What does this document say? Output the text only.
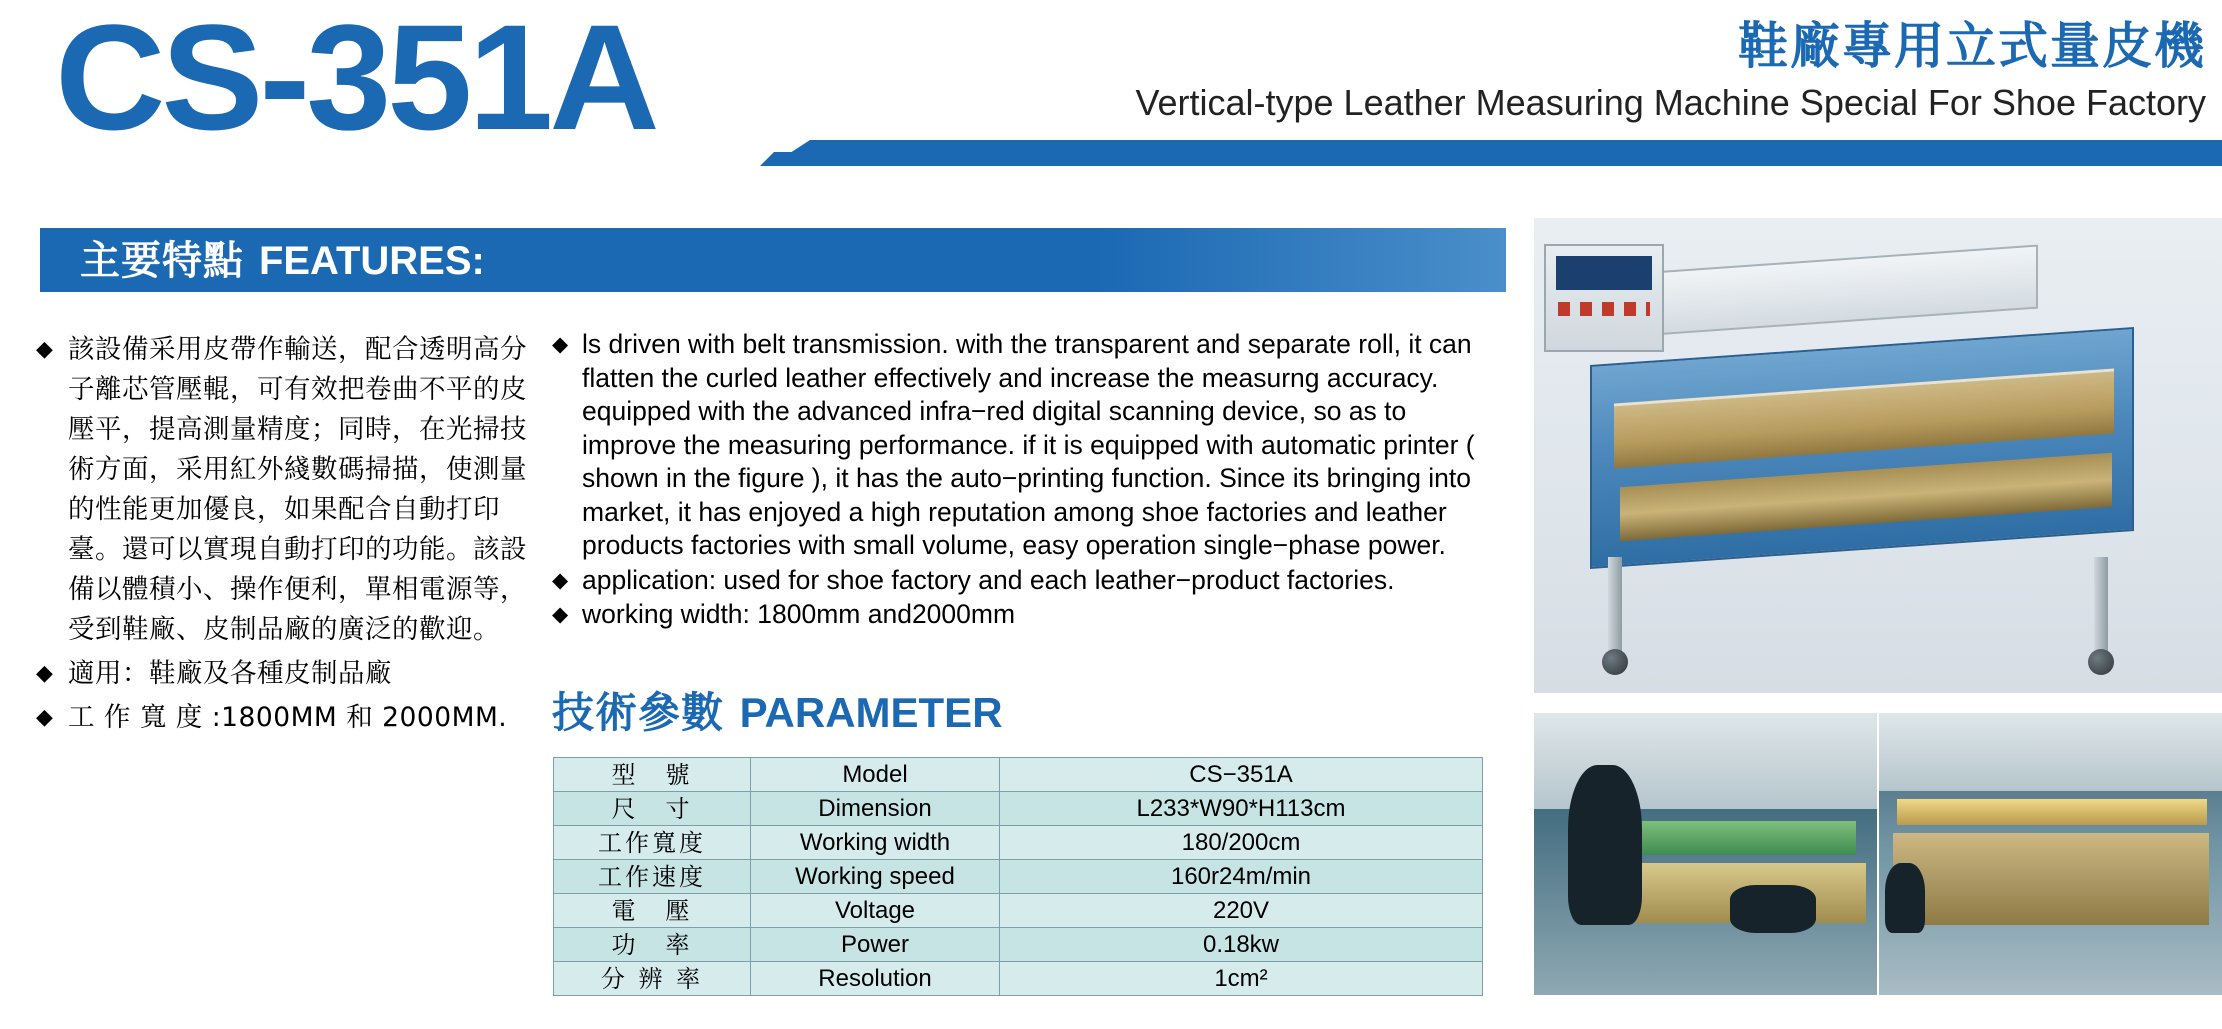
CS-351A	鞋廠專用立式量皮機
Vertical-type Leather Measuring Machine Special For Shoe Factory
主要特點 FEATURES:
◆ 該設備采用皮帶作輸送，配合透明高分子離芯管壓輥，可有效把卷曲不平的皮壓平，提高測量精度；同時，在光掃技術方面，采用紅外綫數碼掃描，使測量的性能更加優良，如果配合自動打印臺。還可以實現自動打印的功能。該設備以體積小、操作便利，單相電源等，受到鞋廠、皮制品廠的廣泛的歡迎。
◆ 適用：鞋廠及各種皮制品廠
◆ 工 作 寬 度 :1800MM 和 2000MM.
◆ ls driven with belt transmission. with the transparent and separate roll, it can flatten the curled leather effectively and increase the measurng accuracy. equipped with the advanced infra−red digital scanning device, so as to improve the measuring performance. if it is equipped with automatic printer ( shown in the figure ), it has the auto−printing function. Since its bringing into market, it has enjoyed a high reputation among shoe factories and leather products factories with small volume, easy operation single−phase power.
◆ application: used for shoe factory and each leather−product factories.
◆ working width: 1800mm and2000mm
技術參數 PARAMETER
型　號	Model	CS−351A
尺　寸	Dimension	L233*W90*H113cm
工作寬度	Working width	180/200cm
工作速度	Working speed	160r24m/min
電　壓	Voltage	220V
功　率	Power	0.18kw
分 辨 率	Resolution	1cm²
